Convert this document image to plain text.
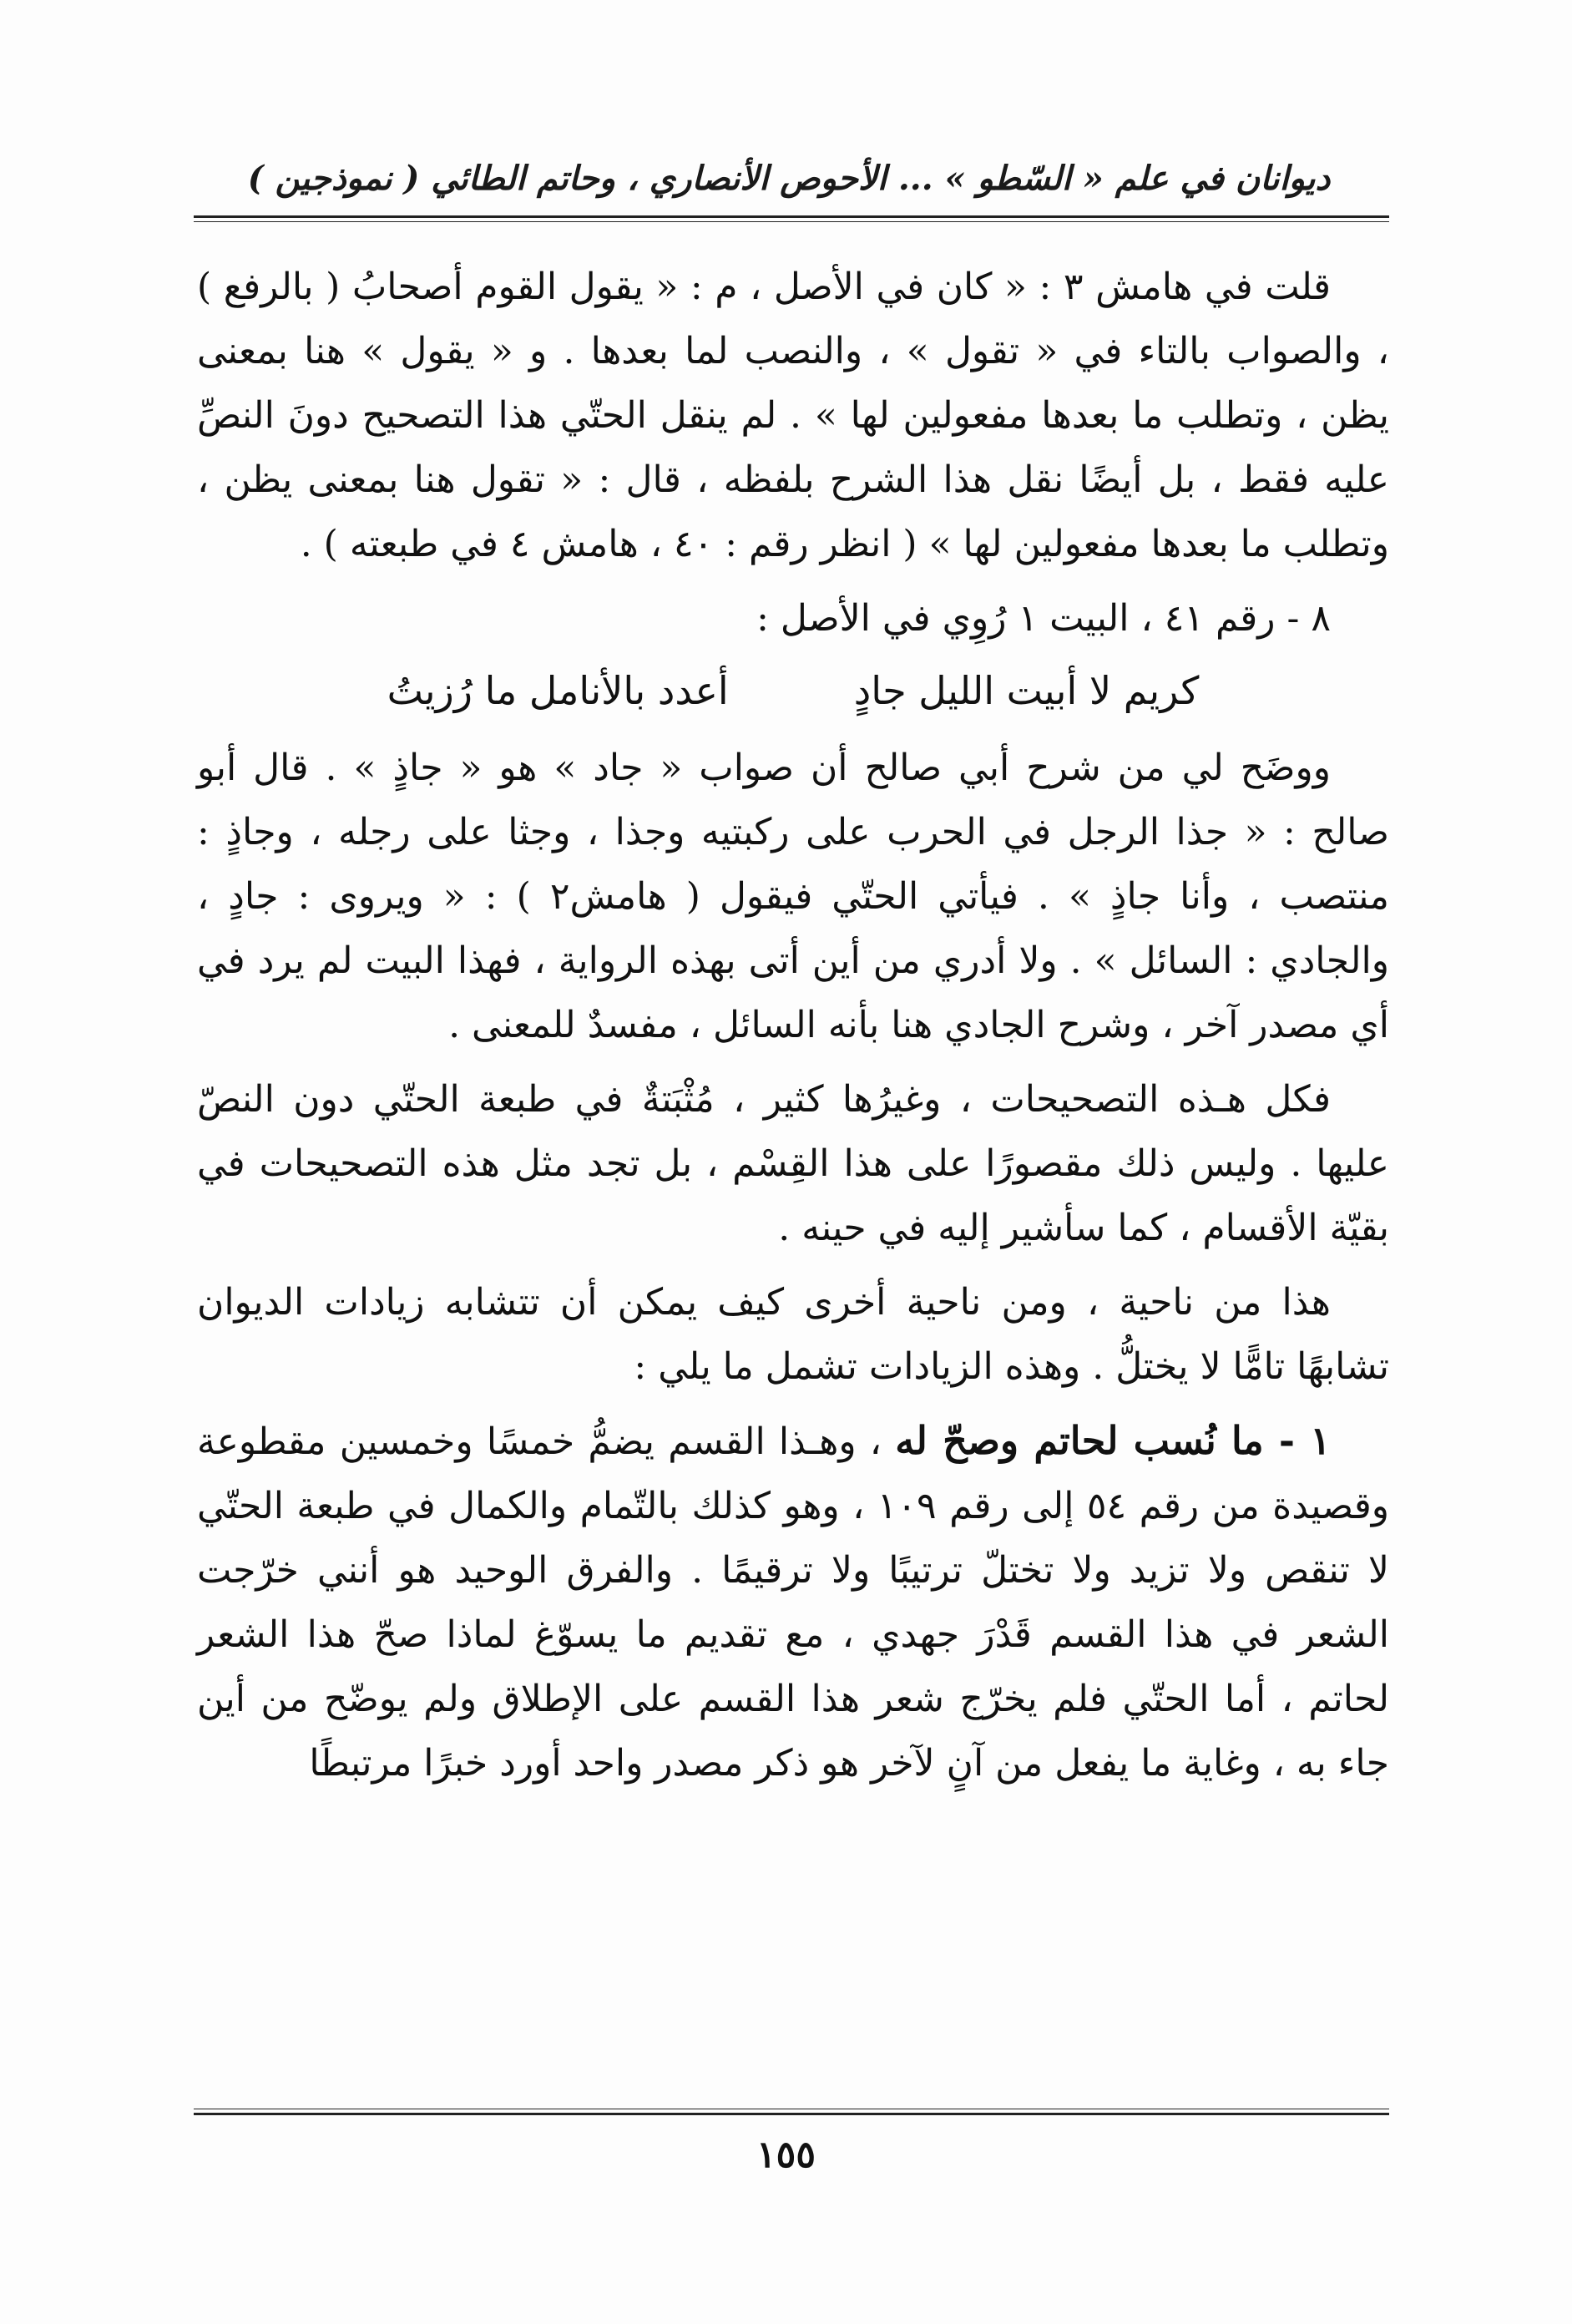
ديوانان في علم « السّطو » ... الأحوص الأنصاري ، وحاتم الطائي ( نموذجين )

قلت في هامش ٣ : « كان في الأصل ، م : « يقول القوم أصحابُ ( بالرفع ) ، والصواب بالتاء في « تقول » ، والنصب لما بعدها . و « يقول » هنا بمعنى يظن ، وتطلب ما بعدها مفعولين لها » . لم ينقل الحتّي هذا التصحيح دونَ النصِّ عليه فقط ، بل أيضًا نقل هذا الشرح بلفظه ، قال : « تقول هنا بمعنى يظن ، وتطلب ما بعدها مفعولين لها » ( انظر رقم : ٤٠ ، هامش ٤ في طبعته ) .

٨ - رقم ٤١ ، البيت ١ رُوِي في الأصل :

كريم لا أبيت الليل جادٍ
أعدد بالأنامل ما رُزيتُ

ووضَح لي من شرح أبي صالح أن صواب « جاد » هو « جاذٍ » . قال أبو صالح : « جذا الرجل في الحرب على ركبتيه وجذا ، وجثا على رجله ، وجاذٍ : منتصب ، وأنا جاذٍ » . فيأتي الحتّي فيقول ( هامش٢ ) : « ويروى : جادٍ ، والجادي : السائل » . ولا أدري من أين أتى بهذه الرواية ، فهذا البيت لم يرد في أي مصدر آخر ، وشرح الجادي هنا بأنه السائل ، مفسدٌ للمعنى .

فكل هـذه التصحيحات ، وغيرُها كثير ، مُثْبَتةٌ في طبعة الحتّي دون النصّ عليها . وليس ذلك مقصورًا على هذا القِسْم ، بل تجد مثل هذه التصحيحات في بقيّة الأقسام ، كما سأشير إليه في حينه .

هذا من ناحية ، ومن ناحية أخرى كيف يمكن أن تتشابه زيادات الديوان تشابهًا تامًّا لا يختلُّ . وهذه الزيادات تشمل ما يلي :

١ - ما نُسب لحاتم وصحّ له ، وهـذا القسم يضمُّ خمسًا وخمسين مقطوعة وقصيدة من رقم ٥٤ إلى رقم ١٠٩ ، وهو كذلك بالتّمام والكمال في طبعة الحتّي لا تنقص ولا تزيد ولا تختلّ ترتيبًا ولا ترقيمًا . والفرق الوحيد هو أنني خرّجت الشعر في هذا القسم قَدْرَ جهدي ، مع تقديم ما يسوّغ لماذا صحّ هذا الشعر لحاتم ، أما الحتّي فلم يخرّج شعر هذا القسم على الإطلاق ولم يوضّح من أين جاء به ، وغاية ما يفعل من آنٍ لآخر هو ذكر مصدر واحد أورد خبرًا مرتبطًا

١٥٥
